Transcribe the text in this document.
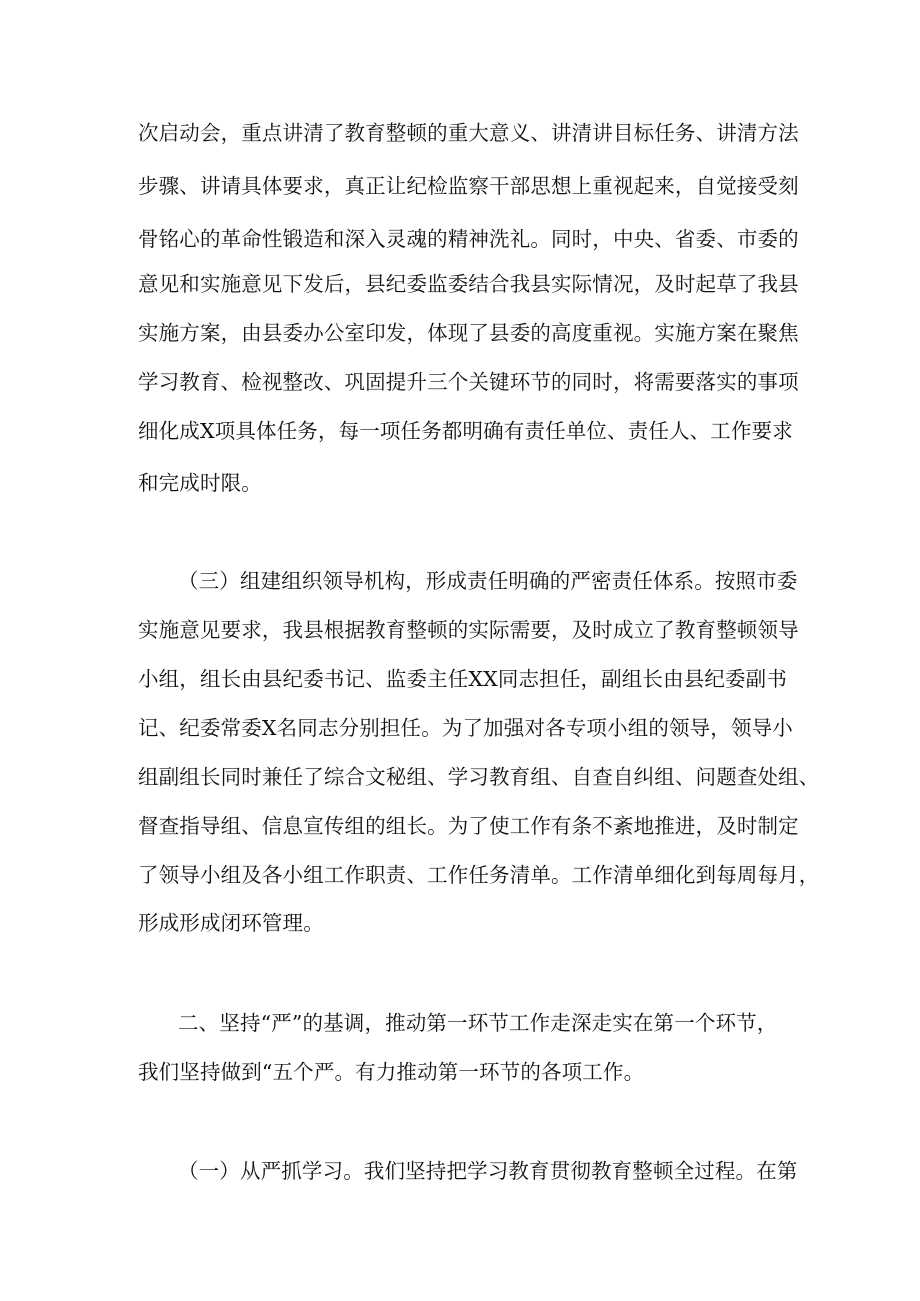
次启动会，重点讲清了教育整顿的重大意义、讲清讲目标任务、讲清方法
步骤、讲请具体要求，真正让纪检监察干部思想上重视起来，自觉接受刻
骨铭心的革命性锻造和深入灵魂的精神洗礼。同时，中央、省委、市委的
意见和实施意见下发后，县纪委监委结合我县实际情况，及时起草了我县
实施方案，由县委办公室印发，体现了县委的高度重视。实施方案在聚焦
学习教育、检视整改、巩固提升三个关键环节的同时，将需要落实的事项
细化成X项具体任务，每一项任务都明确有责任单位、责任人、工作要求
和完成时限。
（三）组建组织领导机构，形成责任明确的严密责任体系。按照市委
实施意见要求，我县根据教育整顿的实际需要，及时成立了教育整顿领导
小组，组长由县纪委书记、监委主任XX同志担任，副组长由县纪委副书
记、纪委常委X名同志分别担任。为了加强对各专项小组的领导，领导小
组副组长同时兼任了综合文秘组、学习教育组、自查自纠组、问题查处组、
督查指导组、信息宣传组的组长。为了使工作有条不紊地推进，及时制定
了领导小组及各小组工作职责、工作任务清单。工作清单细化到每周每月，
形成形成闭环管理。
二、坚持“严”的基调，推动第一环节工作走深走实在第一个环节，
我们坚持做到“五个严。有力推动第一环节的各项工作。
（一）从严抓学习。我们坚持把学习教育贯彻教育整顿全过程。在第
